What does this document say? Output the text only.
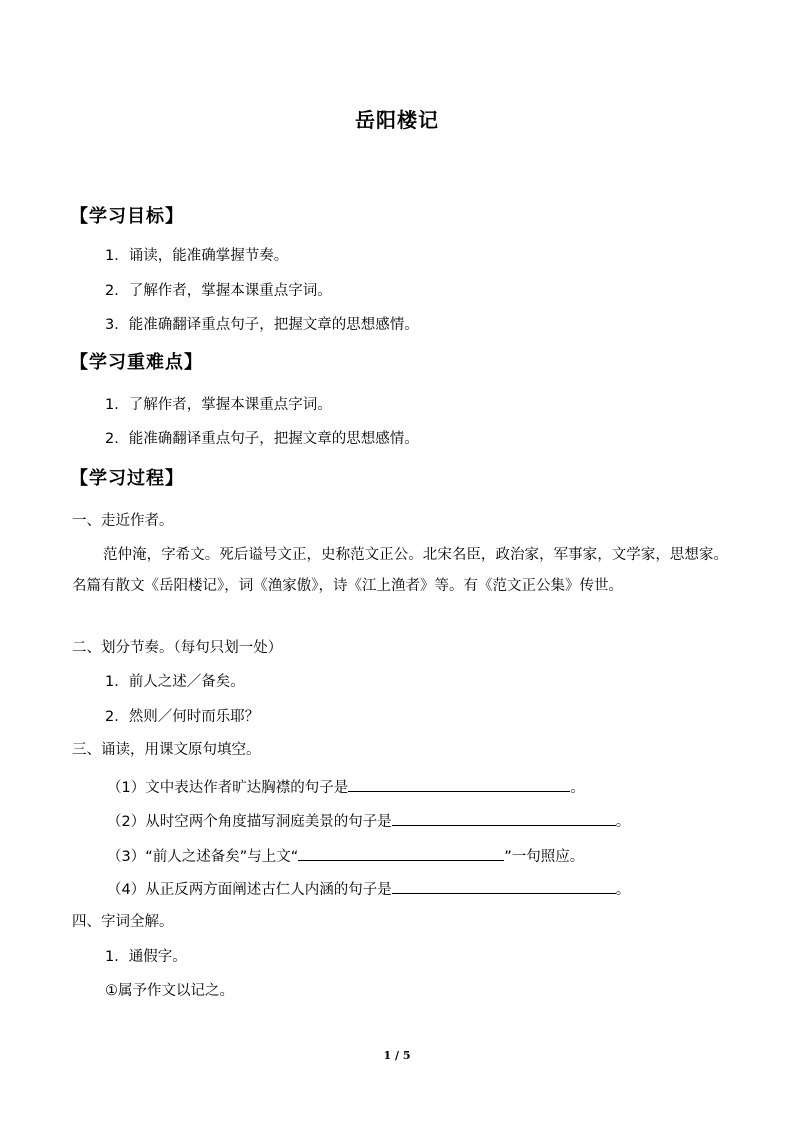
岳阳楼记
【学习目标】
1．诵读，能准确掌握节奏。
2．了解作者，掌握本课重点字词。
3．能准确翻译重点句子，把握文章的思想感情。
【学习重难点】
1．了解作者，掌握本课重点字词。
2．能准确翻译重点句子，把握文章的思想感情。
【学习过程】
一、走近作者。
范仲淹，字希文。死后谥号文正，史称范文正公。北宋名臣，政治家，军事家，文学家，思想家。名篇有散文《岳阳楼记》，词《渔家傲》，诗《江上渔者》等。有《范文正公集》传世。
二、划分节奏。（每句只划一处）
1．前人之述／备矣。
2．然则／何时而乐耶？
三、诵读，用课文原句填空。
（1）文中表达作者旷达胸襟的句子是	。
（2）从时空两个角度描写洞庭美景的句子是	。
（3）“前人之述备矣”与上文“	”一句照应。
（4）从正反两方面阐述古仁人内涵的句子是	。
四、字词全解。
1．通假字。
①属予作文以记之。
1 / 5
